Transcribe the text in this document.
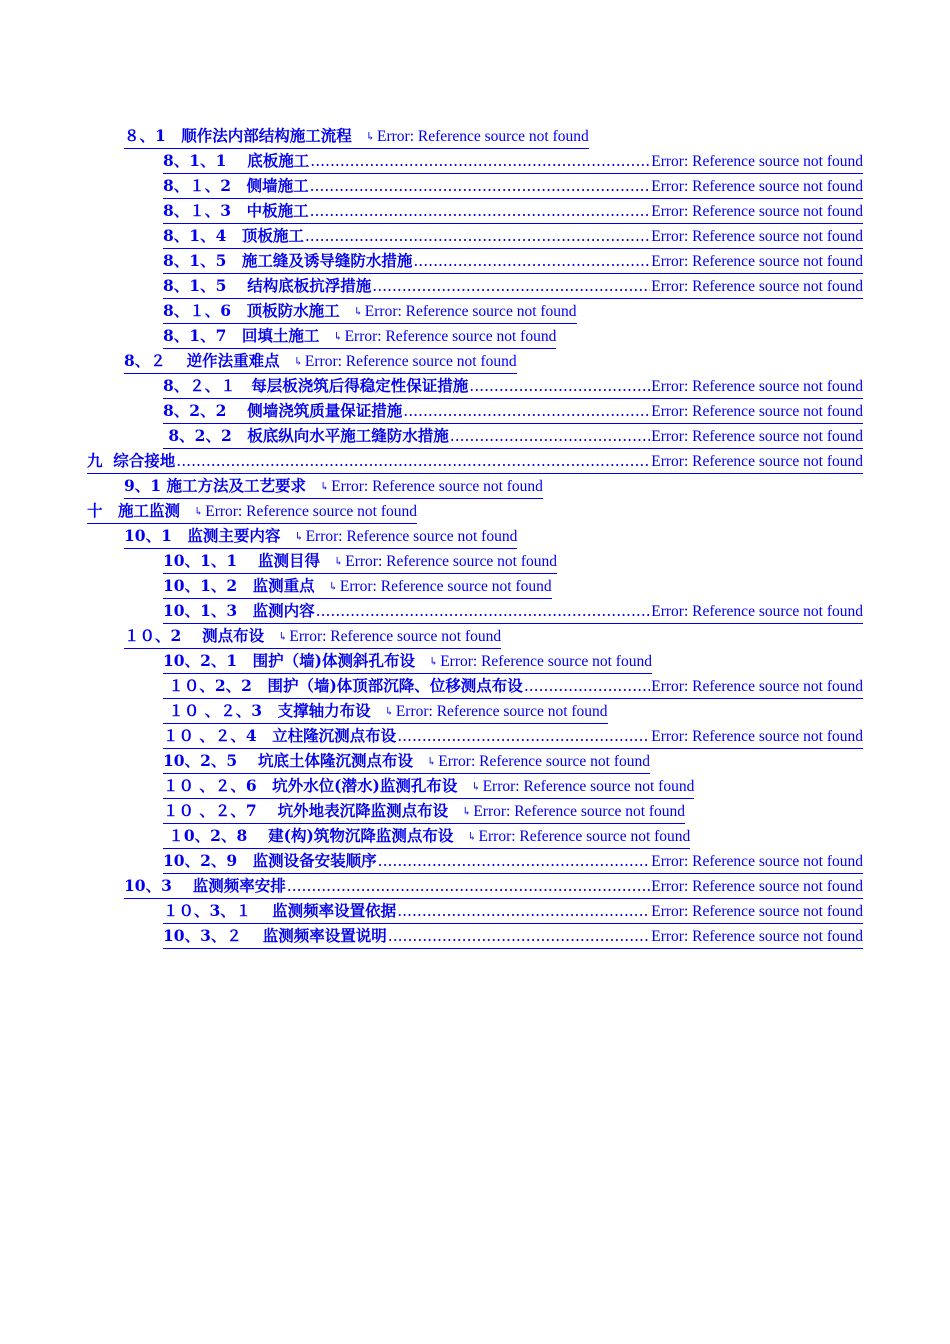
８、1　顺作法内部结构施工流程	↳ Error: Reference source not found
8、1、1　 底板施工 .....	Error: Reference source not found
8、１、2　侧墙施工 .....	Error: Reference source not found
8、１、3　中板施工 .....	Error: Reference source not found
8、1、4　顶板施工 .....	Error: Reference source not found
8、1、5　施工缝及诱导缝防水措施 .....	Error: Reference source not found
8、1、5　 结构底板抗浮措施 .....	Error: Reference source not found
8、１、6　顶板防水施工	↳ Error: Reference source not found
8、1、7　回填土施工	↳ Error: Reference source not found
8、２　 逆作法重难点	↳ Error: Reference source not found
8、２、１　每层板浇筑后得稳定性保证措施 .....	Error: Reference source not found
8、2、2　 侧墙浇筑质量保证措施 .....	Error: Reference source not found
8、2、2　板底纵向水平施工缝防水措施 .....	Error: Reference source not found
九  综合接地 .....	Error: Reference source not found
9、1 施工方法及工艺要求	↳ Error: Reference source not found
十　施工监测	↳ Error: Reference source not found
10、1　监测主要内容	↳ Error: Reference source not found
10、1、1　 监测目得	↳ Error: Reference source not found
10、1、2　监测重点	↳ Error: Reference source not found
10、1、3　监测内容 .....	Error: Reference source not found
１０、2　 测点布设	↳ Error: Reference source not found
10、2、1　围护（墙)体测斜孔布设	↳ Error: Reference source not found
１０、2、2　围护（墙)体顶部沉降、位移测点布设 .....	Error: Reference source not found
１０ 、２、3　支撑轴力布设	↳ Error: Reference source not found
１０ 、２、4　立柱隆沉测点布设 .....	Error: Reference source not found
10、2、5　 坑底土体隆沉测点布设	↳ Error: Reference source not found
１０ 、２、6　坑外水位(潜水)监测孔布设	↳ Error: Reference source not found
１０ 、２、7　 坑外地表沉降监测点布设	↳ Error: Reference source not found
１0、2、8　 建(构)筑物沉降监测点布设	↳ Error: Reference source not found
10、2、9　监测设备安装顺序 .....	Error: Reference source not found
10、3　 监测频率安排 .....	Error: Reference source not found
１０、3、１　 监测频率设置依据 .....	Error: Reference source not found
10、3、２　 监测频率设置说明 .....	Error: Reference source not found
